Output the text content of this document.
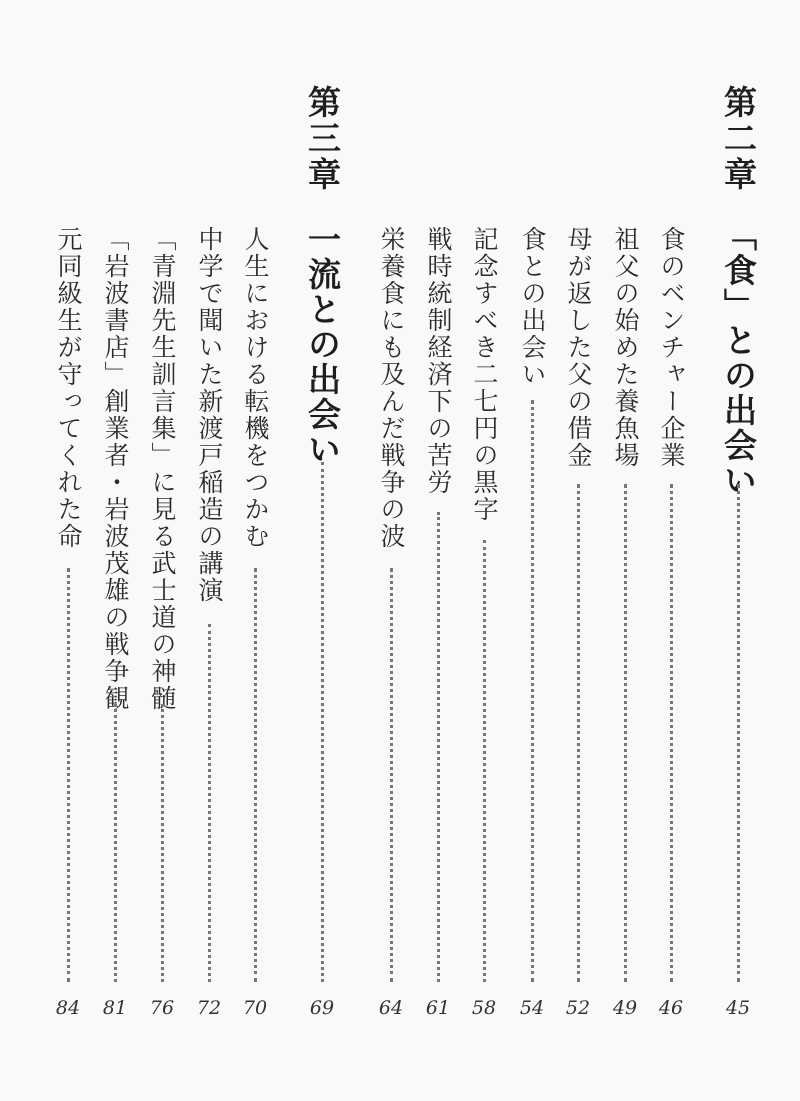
第二章
「食」との出会い
45
食のベンチャー企業
46
祖父の始めた養魚場
49
母が返した父の借金
52
食との出会い
54
記念すべき二七円の黒字
58
戦時統制経済下の苦労
61
栄養食にも及んだ戦争の波
64
第三章
一流との出会い
69
人生における転機をつかむ
70
中学で聞いた新渡戸稲造の講演
72
「青淵先生訓言集」に見る武士道の神髄
76
「岩波書店」創業者・岩波茂雄の戦争観
81
元同級生が守ってくれた命
84
